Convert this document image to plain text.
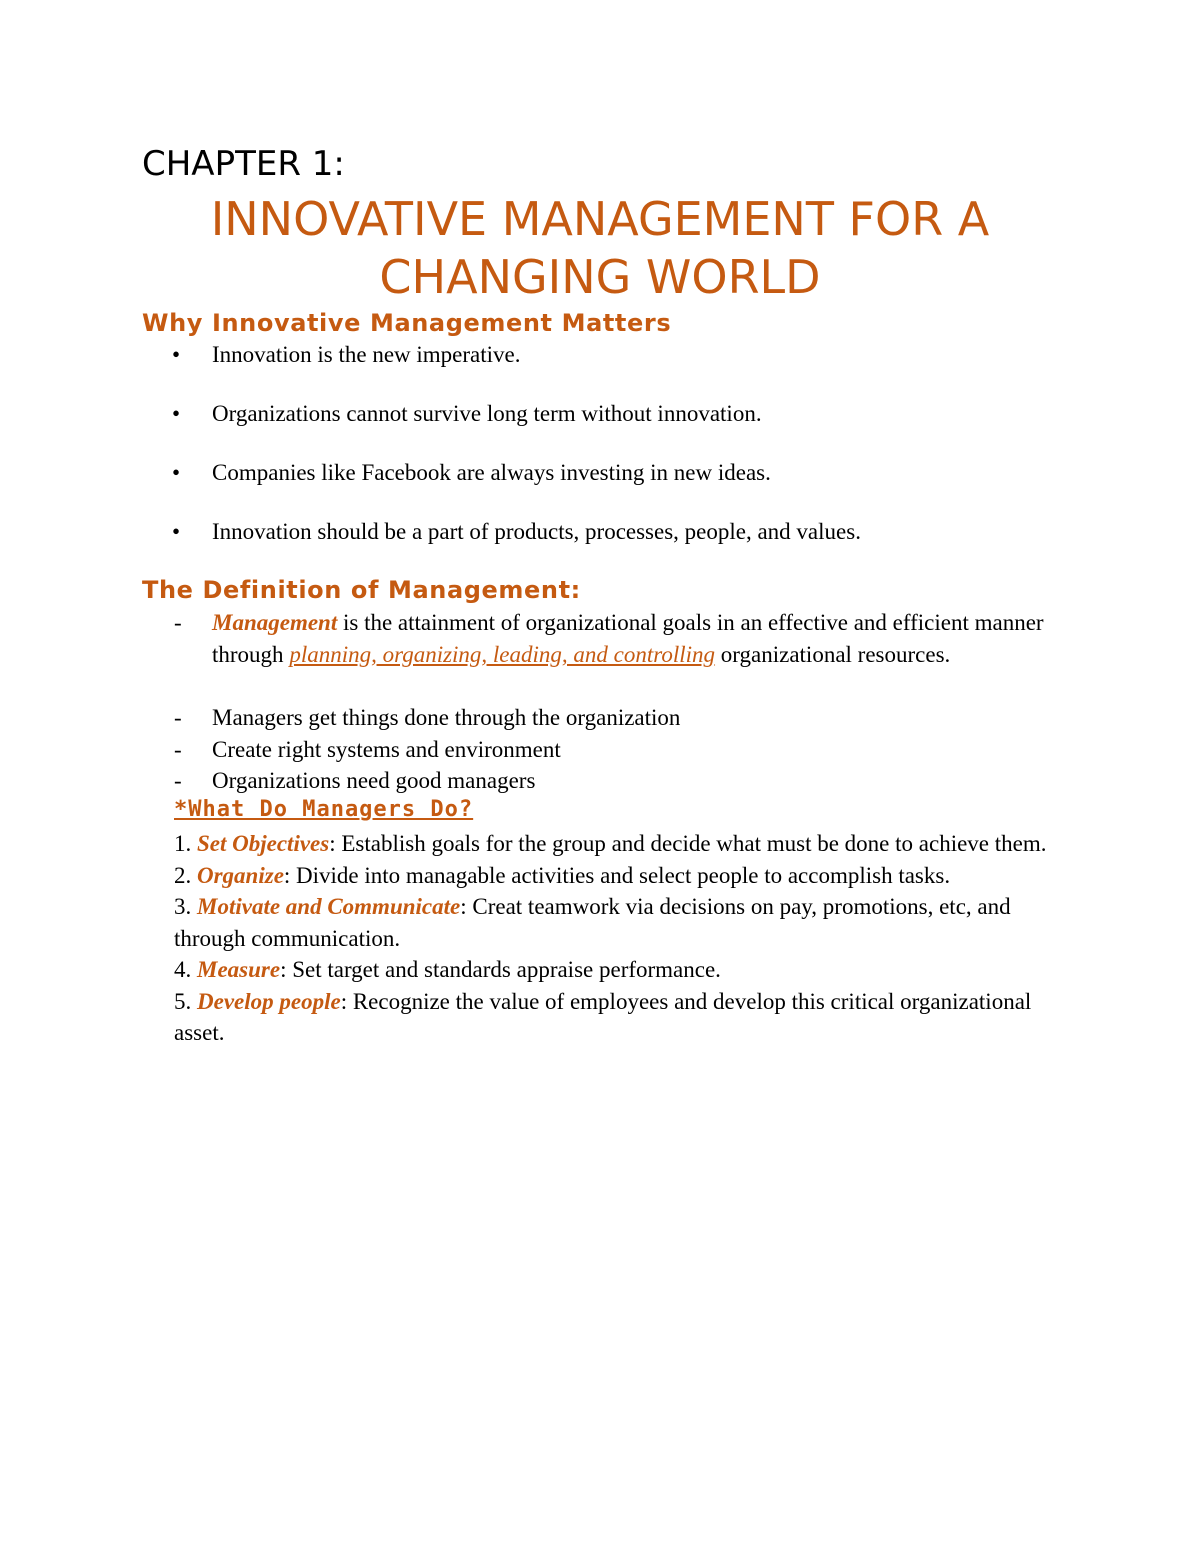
CHAPTER 1:
INNOVATIVE MANAGEMENT FOR A
CHANGING WORLD
Why Innovative Management Matters
• Innovation is the new imperative.
• Organizations cannot survive long term without innovation.
• Companies like Facebook are always investing in new ideas.
• Innovation should be a part of products, processes, people, and values.
The Definition of Management:
- Management is the attainment of organizational goals in an effective and efficient manner through planning, organizing, leading, and controlling organizational resources.
- Managers get things done through the organization
- Create right systems and environment
- Organizations need good managers
*What Do Managers Do?

1. Set Objectives: Establish goals for the group and decide what must be done to achieve them.

2. Organize: Divide into managable activities and select people to accomplish tasks.

3. Motivate and Communicate: Creat teamwork via decisions on pay, promotions, etc, and through communication.

4. Measure: Set target and standards appraise performance.

5. Develop people: Recognize the value of employees and develop this critical organizational asset.
